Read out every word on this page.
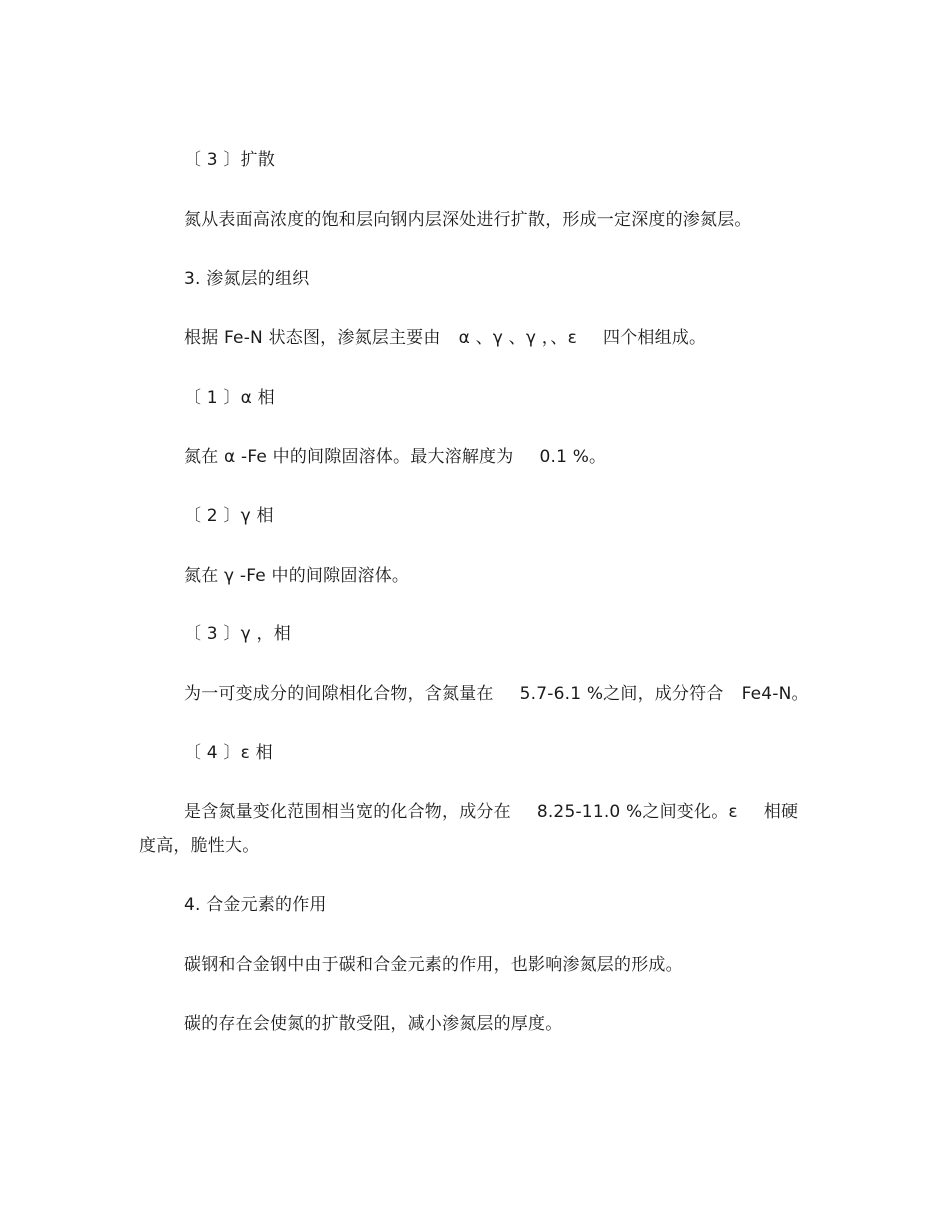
〔 3 〕扩散
氮从表面高浓度的饱和层向钢内层深处进行扩散，形成一定深度的渗氮层。
3. 渗氮层的组织
根据 Fe-N 状态图，渗氮层主要由 α 、γ 、γ ，、ε 四个相组成。
〔 1 〕α 相
氮在 α -Fe 中的间隙固溶体。最大溶解度为 0.1 %。
〔 2 〕γ 相
氮在 γ -Fe 中的间隙固溶体。
〔 3 〕γ ，相
为一可变成分的间隙相化合物，含氮量在 5.7-6.1 %之间，成分符合 Fe4-N。
〔 4 〕ε 相
是含氮量变化范围相当宽的化合物，成分在 8.25-11.0 %之间变化。ε 相硬
度高，脆性大。
4. 合金元素的作用
碳钢和合金钢中由于碳和合金元素的作用，也影响渗氮层的形成。
碳的存在会使氮的扩散受阻，减小渗氮层的厚度。
